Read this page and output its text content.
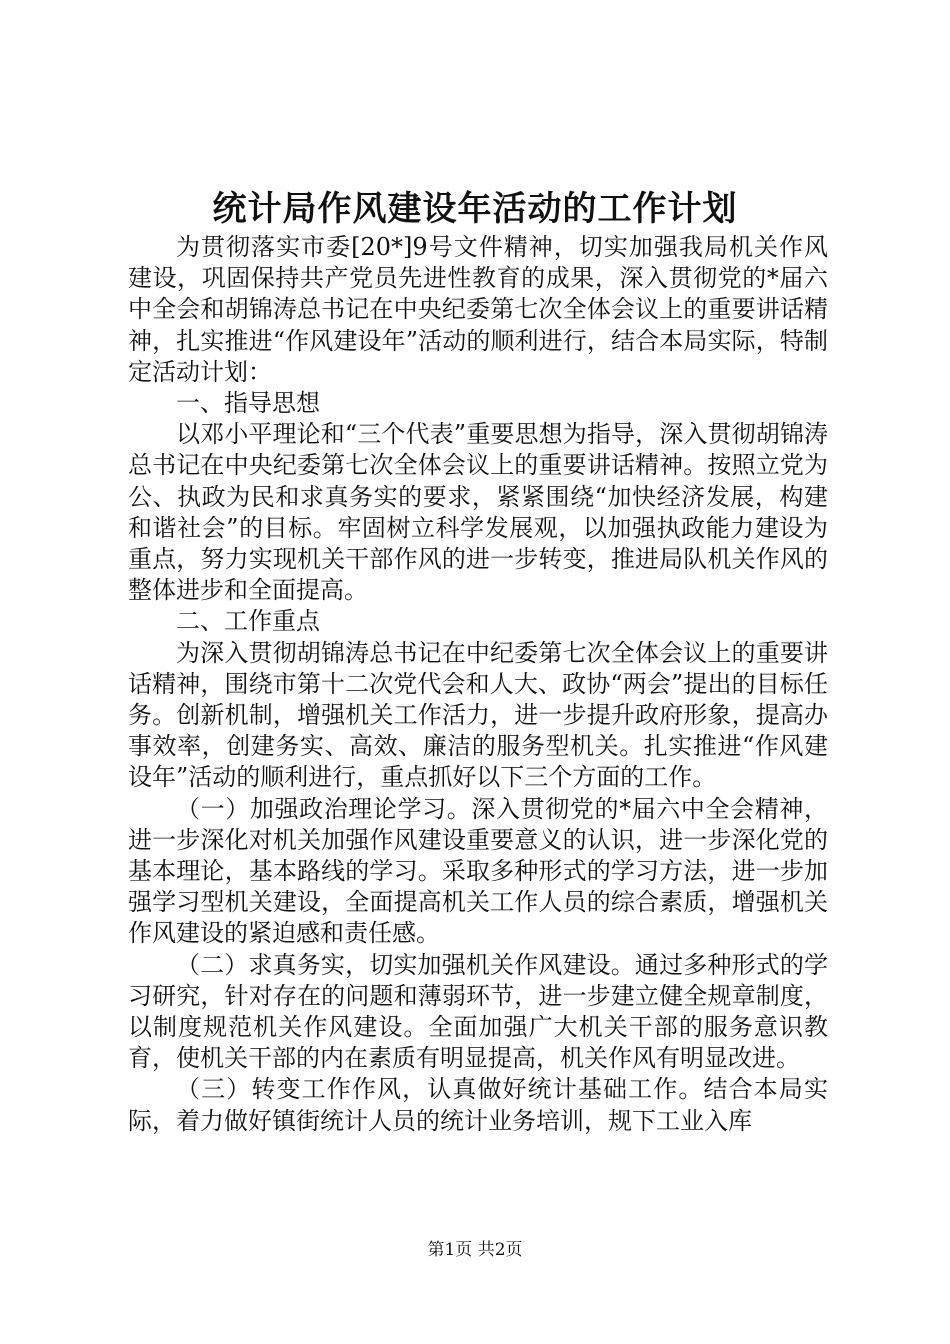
统计局作风建设年活动的工作计划

为贯彻落实市委[20*]9号文件精神，切实加强我局机关作风建设，巩固保持共产党员先进性教育的成果，深入贯彻党的*届六中全会和胡锦涛总书记在中央纪委第七次全体会议上的重要讲话精神，扎实推进“作风建设年”活动的顺利进行，结合本局实际，特制定活动计划：

一、指导思想

以邓小平理论和“三个代表”重要思想为指导，深入贯彻胡锦涛总书记在中央纪委第七次全体会议上的重要讲话精神。按照立党为公、执政为民和求真务实的要求，紧紧围绕“加快经济发展，构建和谐社会”的目标。牢固树立科学发展观，以加强执政能力建设为重点，努力实现机关干部作风的进一步转变，推进局队机关作风的整体进步和全面提高。

二、工作重点

为深入贯彻胡锦涛总书记在中纪委第七次全体会议上的重要讲话精神，围绕市第十二次党代会和人大、政协“两会”提出的目标任务。创新机制，增强机关工作活力，进一步提升政府形象，提高办事效率，创建务实、高效、廉洁的服务型机关。扎实推进“作风建设年”活动的顺利进行，重点抓好以下三个方面的工作。

（一）加强政治理论学习。深入贯彻党的*届六中全会精神，进一步深化对机关加强作风建设重要意义的认识，进一步深化党的基本理论，基本路线的学习。采取多种形式的学习方法，进一步加强学习型机关建设，全面提高机关工作人员的综合素质，增强机关作风建设的紧迫感和责任感。

（二）求真务实，切实加强机关作风建设。通过多种形式的学习研究，针对存在的问题和薄弱环节，进一步建立健全规章制度，以制度规范机关作风建设。全面加强广大机关干部的服务意识教育，使机关干部的内在素质有明显提高，机关作风有明显改进。

（三）转变工作作风，认真做好统计基础工作。结合本局实际，着力做好镇街统计人员的统计业务培训，规下工业入库

第1页 共2页
